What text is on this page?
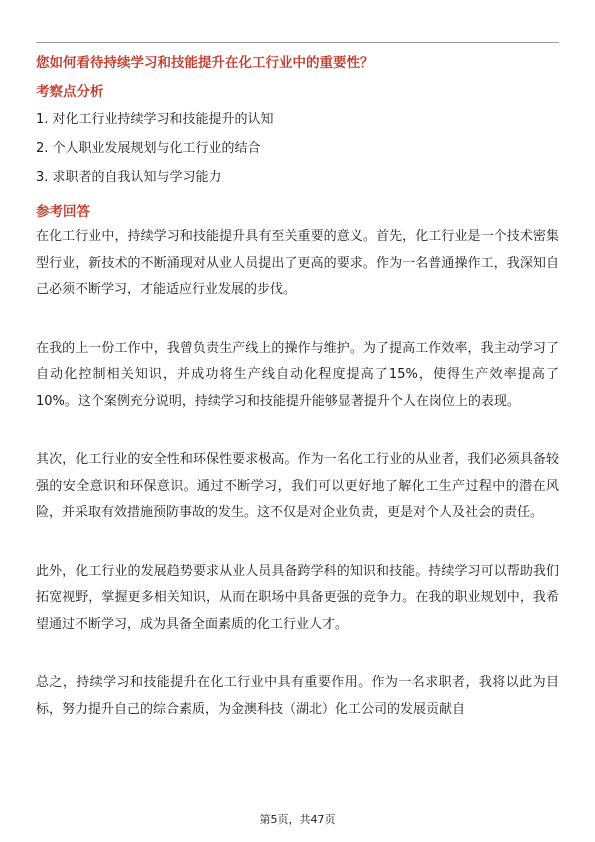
您如何看待持续学习和技能提升在化工行业中的重要性？
考察点分析
1. 对化工行业持续学习和技能提升的认知
2. 个人职业发展规划与化工行业的结合
3. 求职者的自我认知与学习能力
参考回答

在化工行业中，持续学习和技能提升具有至关重要的意义。首先，化工行业是一个技术密集型行业，新技术的不断涌现对从业人员提出了更高的要求。作为一名普通操作工，我深知自己必须不断学习，才能适应行业发展的步伐。

在我的上一份工作中，我曾负责生产线上的操作与维护。为了提高工作效率，我主动学习了自动化控制相关知识，并成功将生产线自动化程度提高了15%，使得生产效率提高了10%。这个案例充分说明，持续学习和技能提升能够显著提升个人在岗位上的表现。

其次，化工行业的安全性和环保性要求极高。作为一名化工行业的从业者，我们必须具备较强的安全意识和环保意识。通过不断学习，我们可以更好地了解化工生产过程中的潜在风险，并采取有效措施预防事故的发生。这不仅是对企业负责，更是对个人及社会的责任。

此外，化工行业的发展趋势要求从业人员具备跨学科的知识和技能。持续学习可以帮助我们拓宽视野，掌握更多相关知识，从而在职场中具备更强的竞争力。在我的职业规划中，我希望通过不断学习，成为具备全面素质的化工行业人才。

总之，持续学习和技能提升在化工行业中具有重要作用。作为一名求职者，我将以此为目标，努力提升自己的综合素质，为金澳科技（湖北）化工公司的发展贡献自

第5页，共47页
